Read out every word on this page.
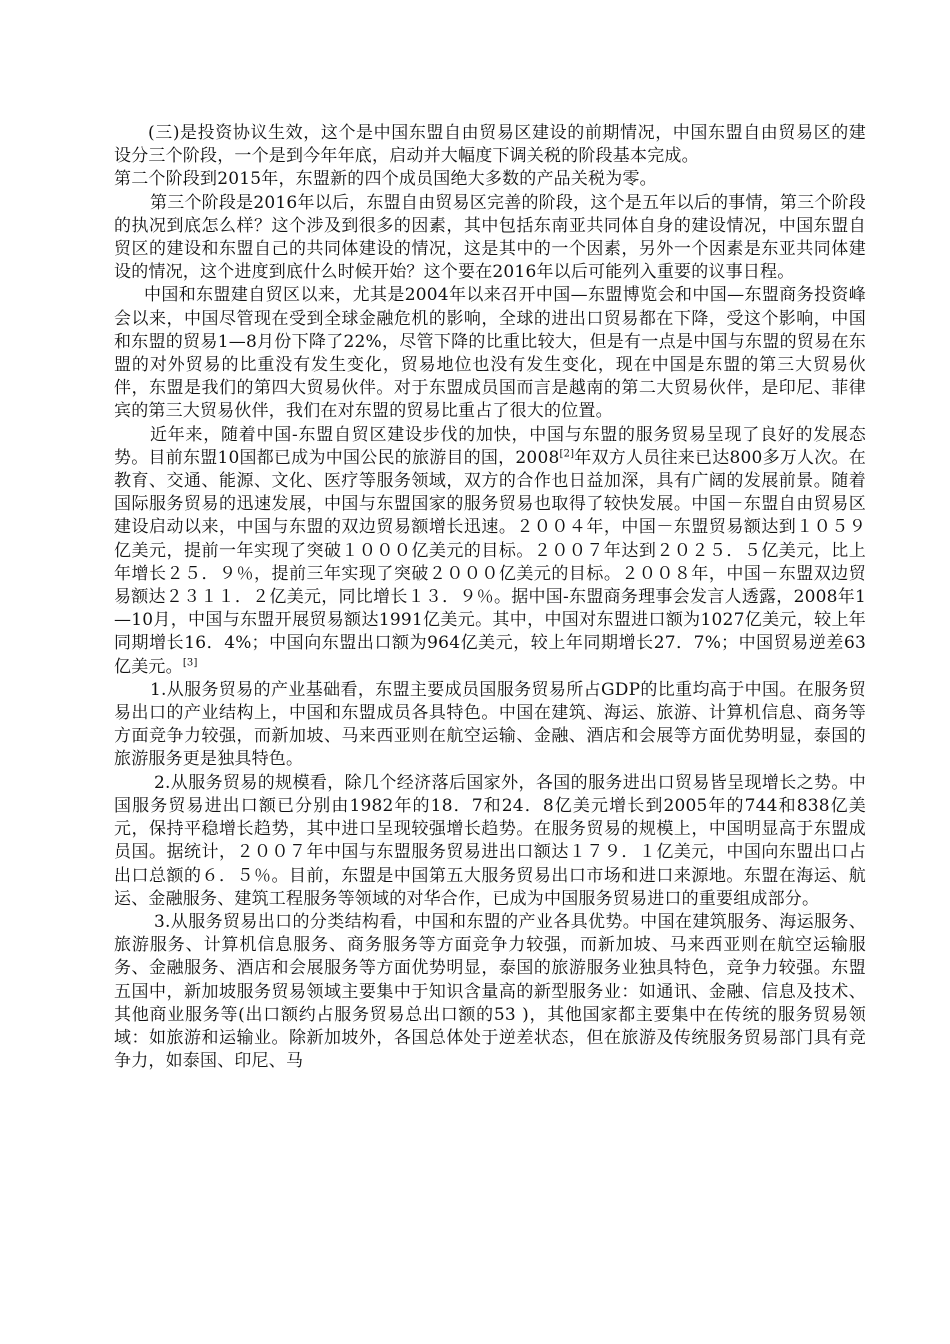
(三)是投资协议生效，这个是中国东盟自由贸易区建设的前期情况，中国东盟自由贸易区的建设分三个阶段，一个是到今年年底，启动并大幅度下调关税的阶段基本完成。

第二个阶段到2015年，东盟新的四个成员国绝大多数的产品关税为零。

第三个阶段是2016年以后，东盟自由贸易区完善的阶段，这个是五年以后的事情，第三个阶段的执况到底怎么样？这个涉及到很多的因素，其中包括东南亚共同体自身的建设情况，中国东盟自贸区的建设和东盟自己的共同体建设的情况，这是其中的一个因素，另外一个因素是东亚共同体建设的情况，这个进度到底什么时候开始？这个要在2016年以后可能列入重要的议事日程。

中国和东盟建自贸区以来，尤其是2004年以来召开中国—东盟博览会和中国—东盟商务投资峰会以来，中国尽管现在受到全球金融危机的影响，全球的进出口贸易都在下降，受这个影响，中国和东盟的贸易1—8月份下降了22%，尽管下降的比重比较大，但是有一点是中国与东盟的贸易在东盟的对外贸易的比重没有发生变化，贸易地位也没有发生变化，现在中国是东盟的第三大贸易伙伴，东盟是我们的第四大贸易伙伴。对于东盟成员国而言是越南的第二大贸易伙伴，是印尼、菲律宾的第三大贸易伙伴，我们在对东盟的贸易比重占了很大的位置。

近年来，随着中国-东盟自贸区建设步伐的加快，中国与东盟的服务贸易呈现了良好的发展态势。目前东盟10国都已成为中国公民的旅游目的国，2008[2]年双方人员往来已达800多万人次。在教育、交通、能源、文化、医疗等服务领域，双方的合作也日益加深，具有广阔的发展前景。随着国际服务贸易的迅速发展，中国与东盟国家的服务贸易也取得了较快发展。中国－东盟自由贸易区建设启动以来，中国与东盟的双边贸易额增长迅速。２００４年，中国－东盟贸易额达到１０５９亿美元，提前一年实现了突破１０００亿美元的目标。２００７年达到２０２５．５亿美元，比上年增长２５．９％，提前三年实现了突破２０００亿美元的目标。２００８年，中国－东盟双边贸易额达２３１１．２亿美元，同比增长１３．９％。据中国-东盟商务理事会发言人透露，2008年1—10月，中国与东盟开展贸易额达1991亿美元。其中，中国对东盟进口额为1027亿美元，较上年同期增长16．4%；中国向东盟出口额为964亿美元，较上年同期增长27．7%；中国贸易逆差63亿美元。[3]

1.从服务贸易的产业基础看，东盟主要成员国服务贸易所占GDP的比重均高于中国。在服务贸易出口的产业结构上，中国和东盟成员各具特色。中国在建筑、海运、旅游、计算机信息、商务等方面竞争力较强，而新加坡、马来西亚则在航空运输、金融、酒店和会展等方面优势明显，泰国的旅游服务更是独具特色。

2.从服务贸易的规模看，除几个经济落后国家外，各国的服务进出口贸易皆呈现增长之势。中国服务贸易进出口额已分别由1982年的18．7和24．8亿美元增长到2005年的744和838亿美元，保持平稳增长趋势，其中进口呈现较强增长趋势。在服务贸易的规模上，中国明显高于东盟成员国。据统计，２００７年中国与东盟服务贸易进出口额达１７９．１亿美元，中国向东盟出口占出口总额的６．５％。目前，东盟是中国第五大服务贸易出口市场和进口来源地。东盟在海运、航运、金融服务、建筑工程服务等领域的对华合作，已成为中国服务贸易进口的重要组成部分。

3.从服务贸易出口的分类结构看，中国和东盟的产业各具优势。中国在建筑服务、海运服务、旅游服务、计算机信息服务、商务服务等方面竞争力较强，而新加坡、马来西亚则在航空运输服务、金融服务、酒店和会展服务等方面优势明显，泰国的旅游服务业独具特色，竞争力较强。东盟五国中，新加坡服务贸易领域主要集中于知识含量高的新型服务业：如通讯、金融、信息及技术、其他商业服务等(出口额约占服务贸易总出口额的53 )，其他国家都主要集中在传统的服务贸易领域：如旅游和运输业。除新加坡外，各国总体处于逆差状态，但在旅游及传统服务贸易部门具有竞争力，如泰国、印尼、马
